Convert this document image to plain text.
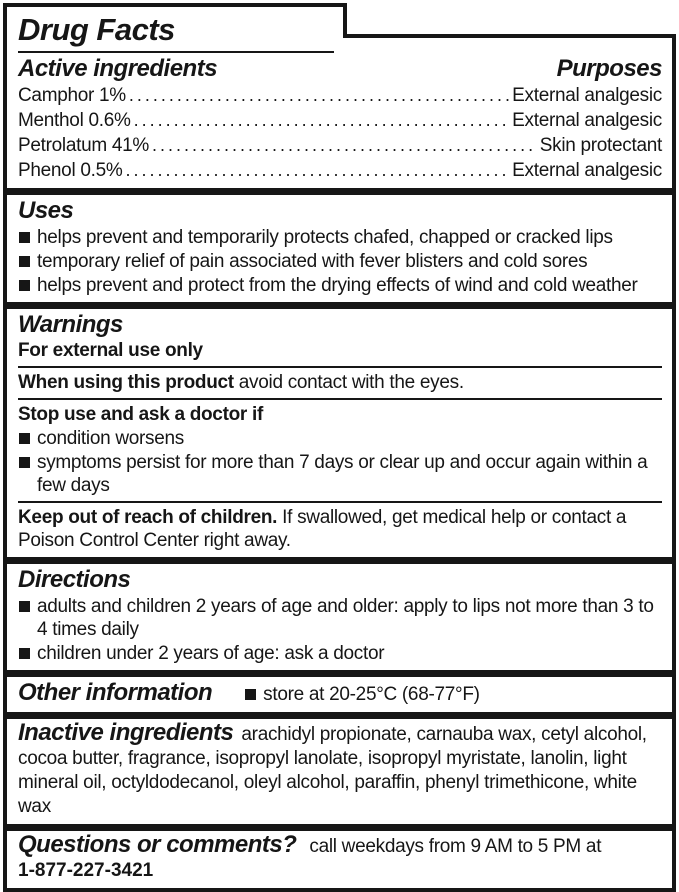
Drug Facts
Active ingredients	Purposes
Camphor 1% . . .	External analgesic
Menthol 0.6% . . .	External analgesic
Petrolatum 41% . . .	Skin protectant
Phenol 0.5% . . .	External analgesic
Uses
helps prevent and temporarily protects chafed, chapped or cracked lips
temporary relief of pain associated with fever blisters and cold sores
helps prevent and protect from the drying effects of wind and cold weather
Warnings
For external use only
When using this product avoid contact with the eyes.
Stop use and ask a doctor if
condition worsens
symptoms persist for more than 7 days or clear up and occur again within a few days
Keep out of reach of children. If swallowed, get medical help or contact a Poison Control Center right away.
Directions
adults and children 2 years of age and older: apply to lips not more than 3 to 4 times daily
children under 2 years of age: ask a doctor
Other information	store at 20-25°C (68-77°F)
Inactive ingredients arachidyl propionate, carnauba wax, cetyl alcohol, cocoa butter, fragrance, isopropyl lanolate, isopropyl myristate, lanolin, light mineral oil, octyldodecanol, oleyl alcohol, paraffin, phenyl trimethicone, white wax
Questions or comments? call weekdays from 9 AM to 5 PM at
1-877-227-3421
